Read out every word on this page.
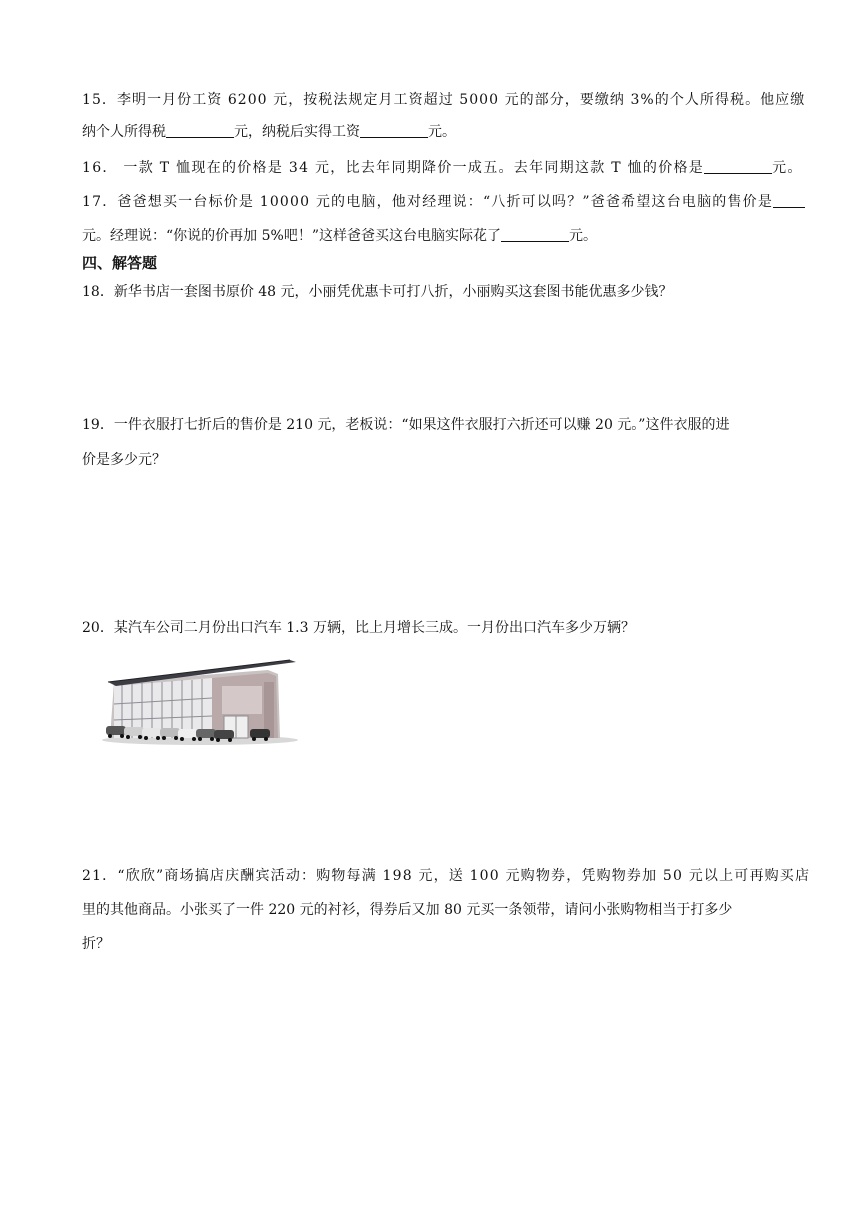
15．李明一月份工资 6200 元，按税法规定月工资超过 5000 元的部分，要缴纳 3%的个人所得税。他应缴
纳个人所得税	元，纳税后实得工资	元。
16． 一款 T 恤现在的价格是 34 元，比去年同期降价一成五。去年同期这款 T 恤的价格是	元。
17．爸爸想买一台标价是 10000 元的电脑，他对经理说：“八折可以吗？”爸爸希望这台电脑的售价是
元。经理说：“你说的价再加 5%吧！”这样爸爸买这台电脑实际花了	元。
四、解答题
18．新华书店一套图书原价 48 元，小丽凭优惠卡可打八折，小丽购买这套图书能优惠多少钱？
19．一件衣服打七折后的售价是 210 元，老板说：“如果这件衣服打六折还可以赚 20 元。”这件衣服的进
价是多少元？
20．某汽车公司二月份出口汽车 1.3 万辆，比上月增长三成。一月份出口汽车多少万辆？
21．“欣欣”商场搞店庆酬宾活动：购物每满 198 元，送 100 元购物券，凭购物券加 50 元以上可再购买店
里的其他商品。小张买了一件 220 元的衬衫，得券后又加 80 元买一条领带，请问小张购物相当于打多少
折？
